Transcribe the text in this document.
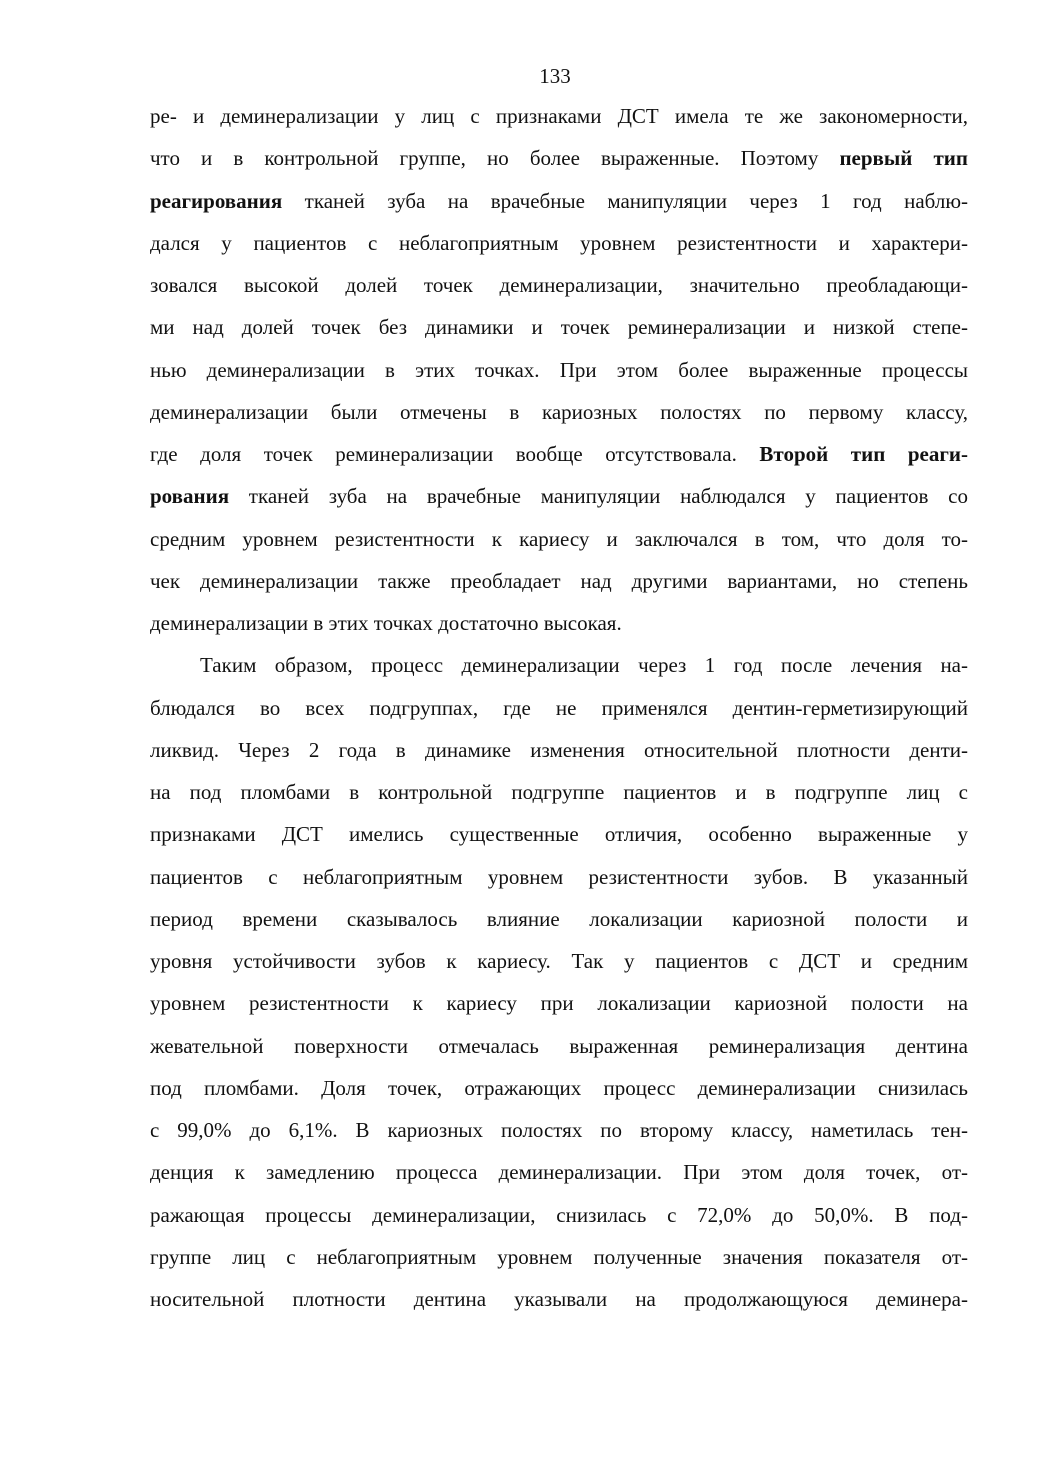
133
ре- и деминерализации у лиц с признаками ДСТ имела те же закономерности,
что и в контрольной группе, но более выраженные. Поэтому первый тип
реагирования тканей зуба на врачебные манипуляции через 1 год наблю-
дался у пациентов с неблагоприятным уровнем резистентности и характери-
зовался высокой долей точек деминерализации, значительно преобладающи-
ми над долей точек без динамики и точек реминерализации и низкой степе-
нью деминерализации в этих точках. При этом более выраженные процессы
деминерализации были отмечены в кариозных полостях по первому классу,
где доля точек реминерализации вообще отсутствовала. Второй тип реаги-
рования тканей зуба на врачебные манипуляции наблюдался у пациентов со
средним уровнем резистентности к кариесу и заключался в том, что доля то-
чек деминерализации также преобладает над другими вариантами, но степень
деминерализации в этих точках достаточно высокая.
Таким образом, процесс деминерализации через 1 год после лечения на-
блюдался во всех подгруппах, где не применялся дентин-герметизирующий
ликвид. Через 2 года в динамике изменения относительной плотности денти-
на под пломбами в контрольной подгруппе пациентов и в подгруппе лиц с
признаками ДСТ имелись существенные отличия, особенно выраженные у
пациентов с неблагоприятным уровнем резистентности зубов. В указанный
период времени сказывалось влияние локализации кариозной полости и
уровня устойчивости зубов к кариесу. Так у пациентов с ДСТ и средним
уровнем резистентности к кариесу при локализации кариозной полости на
жевательной поверхности отмечалась выраженная реминерализация дентина
под пломбами. Доля точек, отражающих процесс деминерализации снизилась
с 99,0% до 6,1%. В кариозных полостях по второму классу, наметилась тен-
денция к замедлению процесса деминерализации. При этом доля точек, от-
ражающая процессы деминерализации, снизилась с 72,0% до 50,0%. В под-
группе лиц с неблагоприятным уровнем полученные значения показателя от-
носительной плотности дентина указывали на продолжающуюся деминера-
